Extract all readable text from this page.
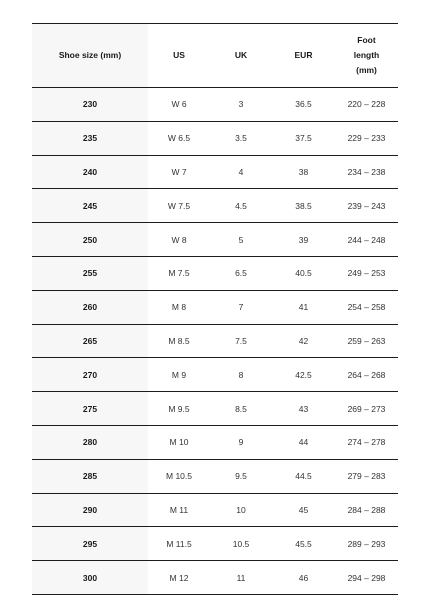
Shoe size (mm)	US	UK	EUR	Foot
length
(mm)

230	W 6	3	36.5	220 – 228
235	W 6.5	3.5	37.5	229 – 233
240	W 7	4	38	234 – 238
245	W 7.5	4.5	38.5	239 – 243
250	W 8	5	39	244 – 248
255	M 7.5	6.5	40.5	249 – 253
260	M 8	7	41	254 – 258
265	M 8.5	7.5	42	259 – 263
270	M 9	8	42.5	264 – 268
275	M 9.5	8.5	43	269 – 273
280	M 10	9	44	274 – 278
285	M 10.5	9.5	44.5	279 – 283
290	M 11	10	45	284 – 288
295	M 11.5	10.5	45.5	289 – 293
300	M 12	11	46	294 – 298
